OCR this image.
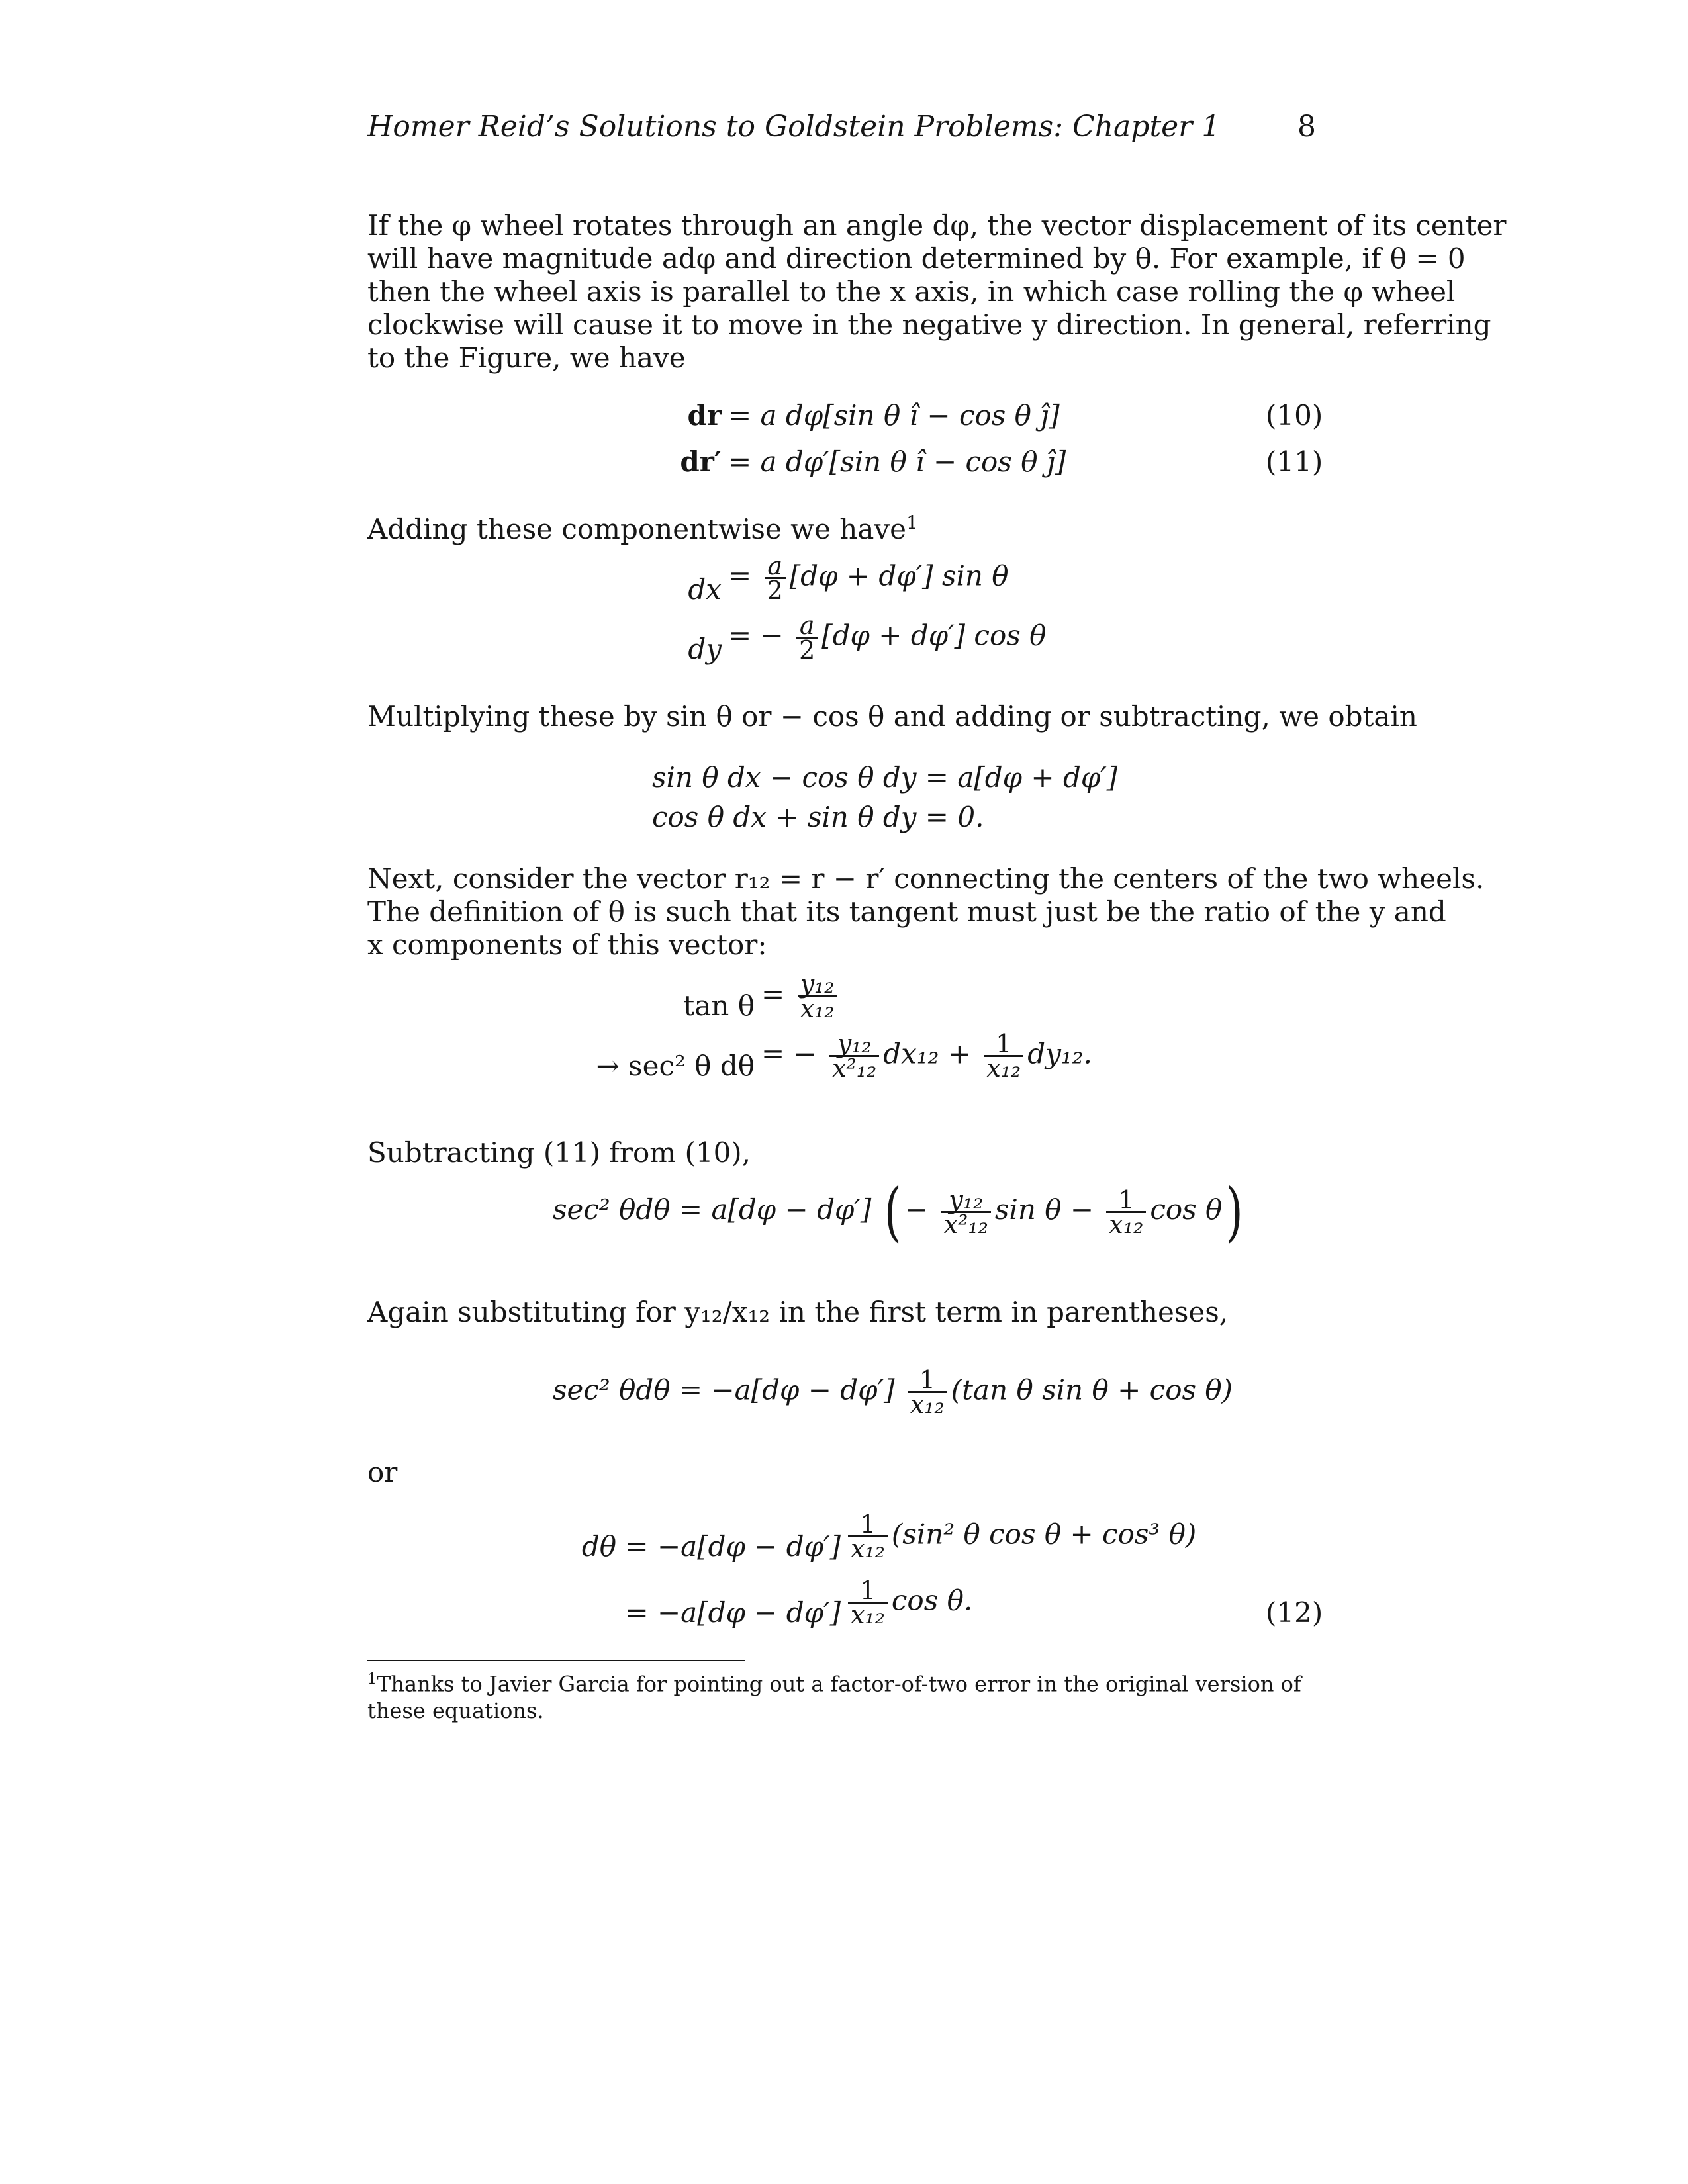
Homer Reid’s Solutions to Goldstein Problems: Chapter 1	8
If the φ wheel rotates through an angle dφ, the vector displacement of its center
will have magnitude adφ and direction determined by θ. For example, if θ = 0
then the wheel axis is parallel to the x axis, in which case rolling the φ wheel
clockwise will cause it to move in the negative y direction. In general, referring
to the Figure, we have
dr = a dφ[sin θ î − cos θ ĵ]	(10)
dr′ = a dφ′[sin θ î − cos θ ĵ]	(11)
Adding these componentwise we have$^1$
dx = $\frac{a}{2} [d\varphi + d\varphi']$ sin θ
dy = − $\frac{a}{2} [d\varphi + d\varphi']$ cos θ
Multiplying these by sin θ or − cos θ and adding or subtracting, we obtain
sin θ dx − cos θ dy = a[dφ + dφ′]
cos θ dx + sin θ dy = 0.
Next, consider the vector r₁₂ = r − r′ connecting the centers of the two wheels.
The definition of θ is such that its tangent must just be the ratio of the y and
x components of this vector:
$\tan \theta = \frac{\text{y₁₂}}{\text{x₁₂}}$
→ sec² θ dθ = − $\frac{\text{y₁₂}}{\text{x²₁₂}} dx_{12} + \frac{1}{\text{x₁₂}} dy_{12}$.
Subtracting (11) from (10),
sec² θdθ = a[dφ − dφ′] ( − $\frac{\text{y₁₂}}{\text{x²₁₂}}$ $\sin \theta - \frac{1}{\text{x₁₂}}$ cos θ)
Again substituting for y₁₂/x₁₂ in the first term in parentheses,
sec² $\theta d\theta = -a[d\varphi - d\varphi'] \frac{1}{\text{x₁₂}} (\tan$ θ sin θ + cos θ)
or
$d\theta = -a[d\varphi - d\varphi'] \frac{1}{\text{x₁₂}} (\sin^2$ θ cos θ + cos³ θ)
= $-a[d\varphi - d\varphi'] \frac{1}{\text{x₁₂}}$ cos θ.	(12)
$^1$Thanks to Javier Garcia for pointing out a factor-of-two error in the original version of these equations.
